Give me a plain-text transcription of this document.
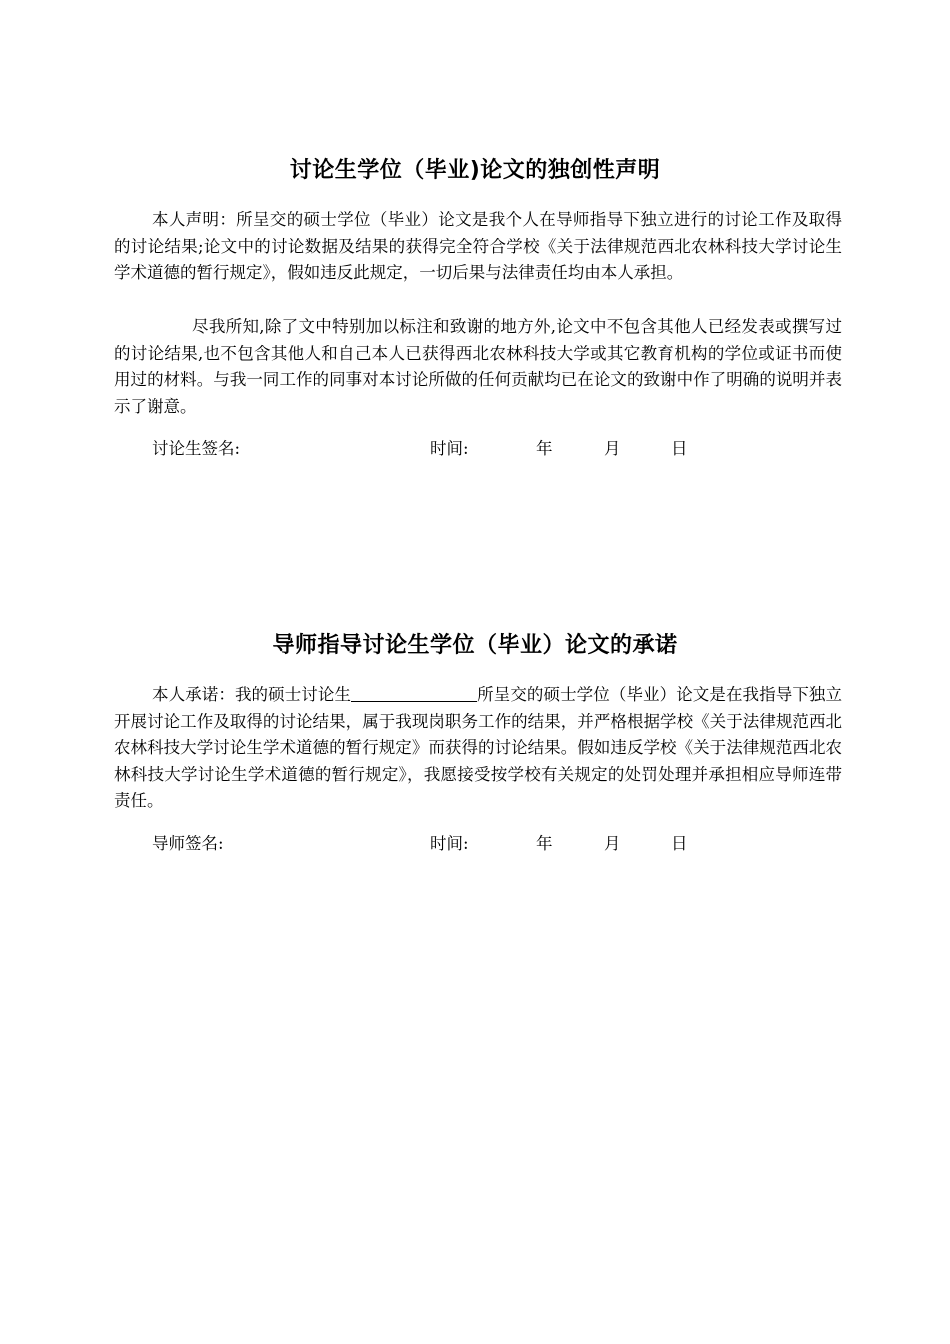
讨论生学位（毕业)论文的独创性声明

本人声明：所呈交的硕士学位（毕业）论文是我个人在导师指导下独立进行的讨论工作及取得的讨论结果;论文中的讨论数据及结果的获得完全符合学校《关于法律规范西北农林科技大学讨论生学术道德的暂行规定》，假如违反此规定，一切后果与法律责任均由本人承担。

尽我所知,除了文中特别加以标注和致谢的地方外,论文中不包含其他人已经发表或撰写过的讨论结果,也不包含其他人和自己本人已获得西北农林科技大学或其它教育机构的学位或证书而使用过的材料。与我一同工作的同事对本讨论所做的任何贡献均已在论文的致谢中作了明确的说明并表示了谢意。

讨论生签名:	时间:	年	月	日
导师指导讨论生学位（毕业）论文的承诺

本人承诺：我的硕士讨论生	所呈交的硕士学位（毕业）论文是在我指导下独立开展讨论工作及取得的讨论结果，属于我现岗职务工作的结果，并严格根据学校《关于法律规范西北农林科技大学讨论生学术道德的暂行规定》而获得的讨论结果。假如违反学校《关于法律规范西北农林科技大学讨论生学术道德的暂行规定》，我愿接受按学校有关规定的处罚处理并承担相应导师连带责任。

导师签名:	时间:	年	月	日
